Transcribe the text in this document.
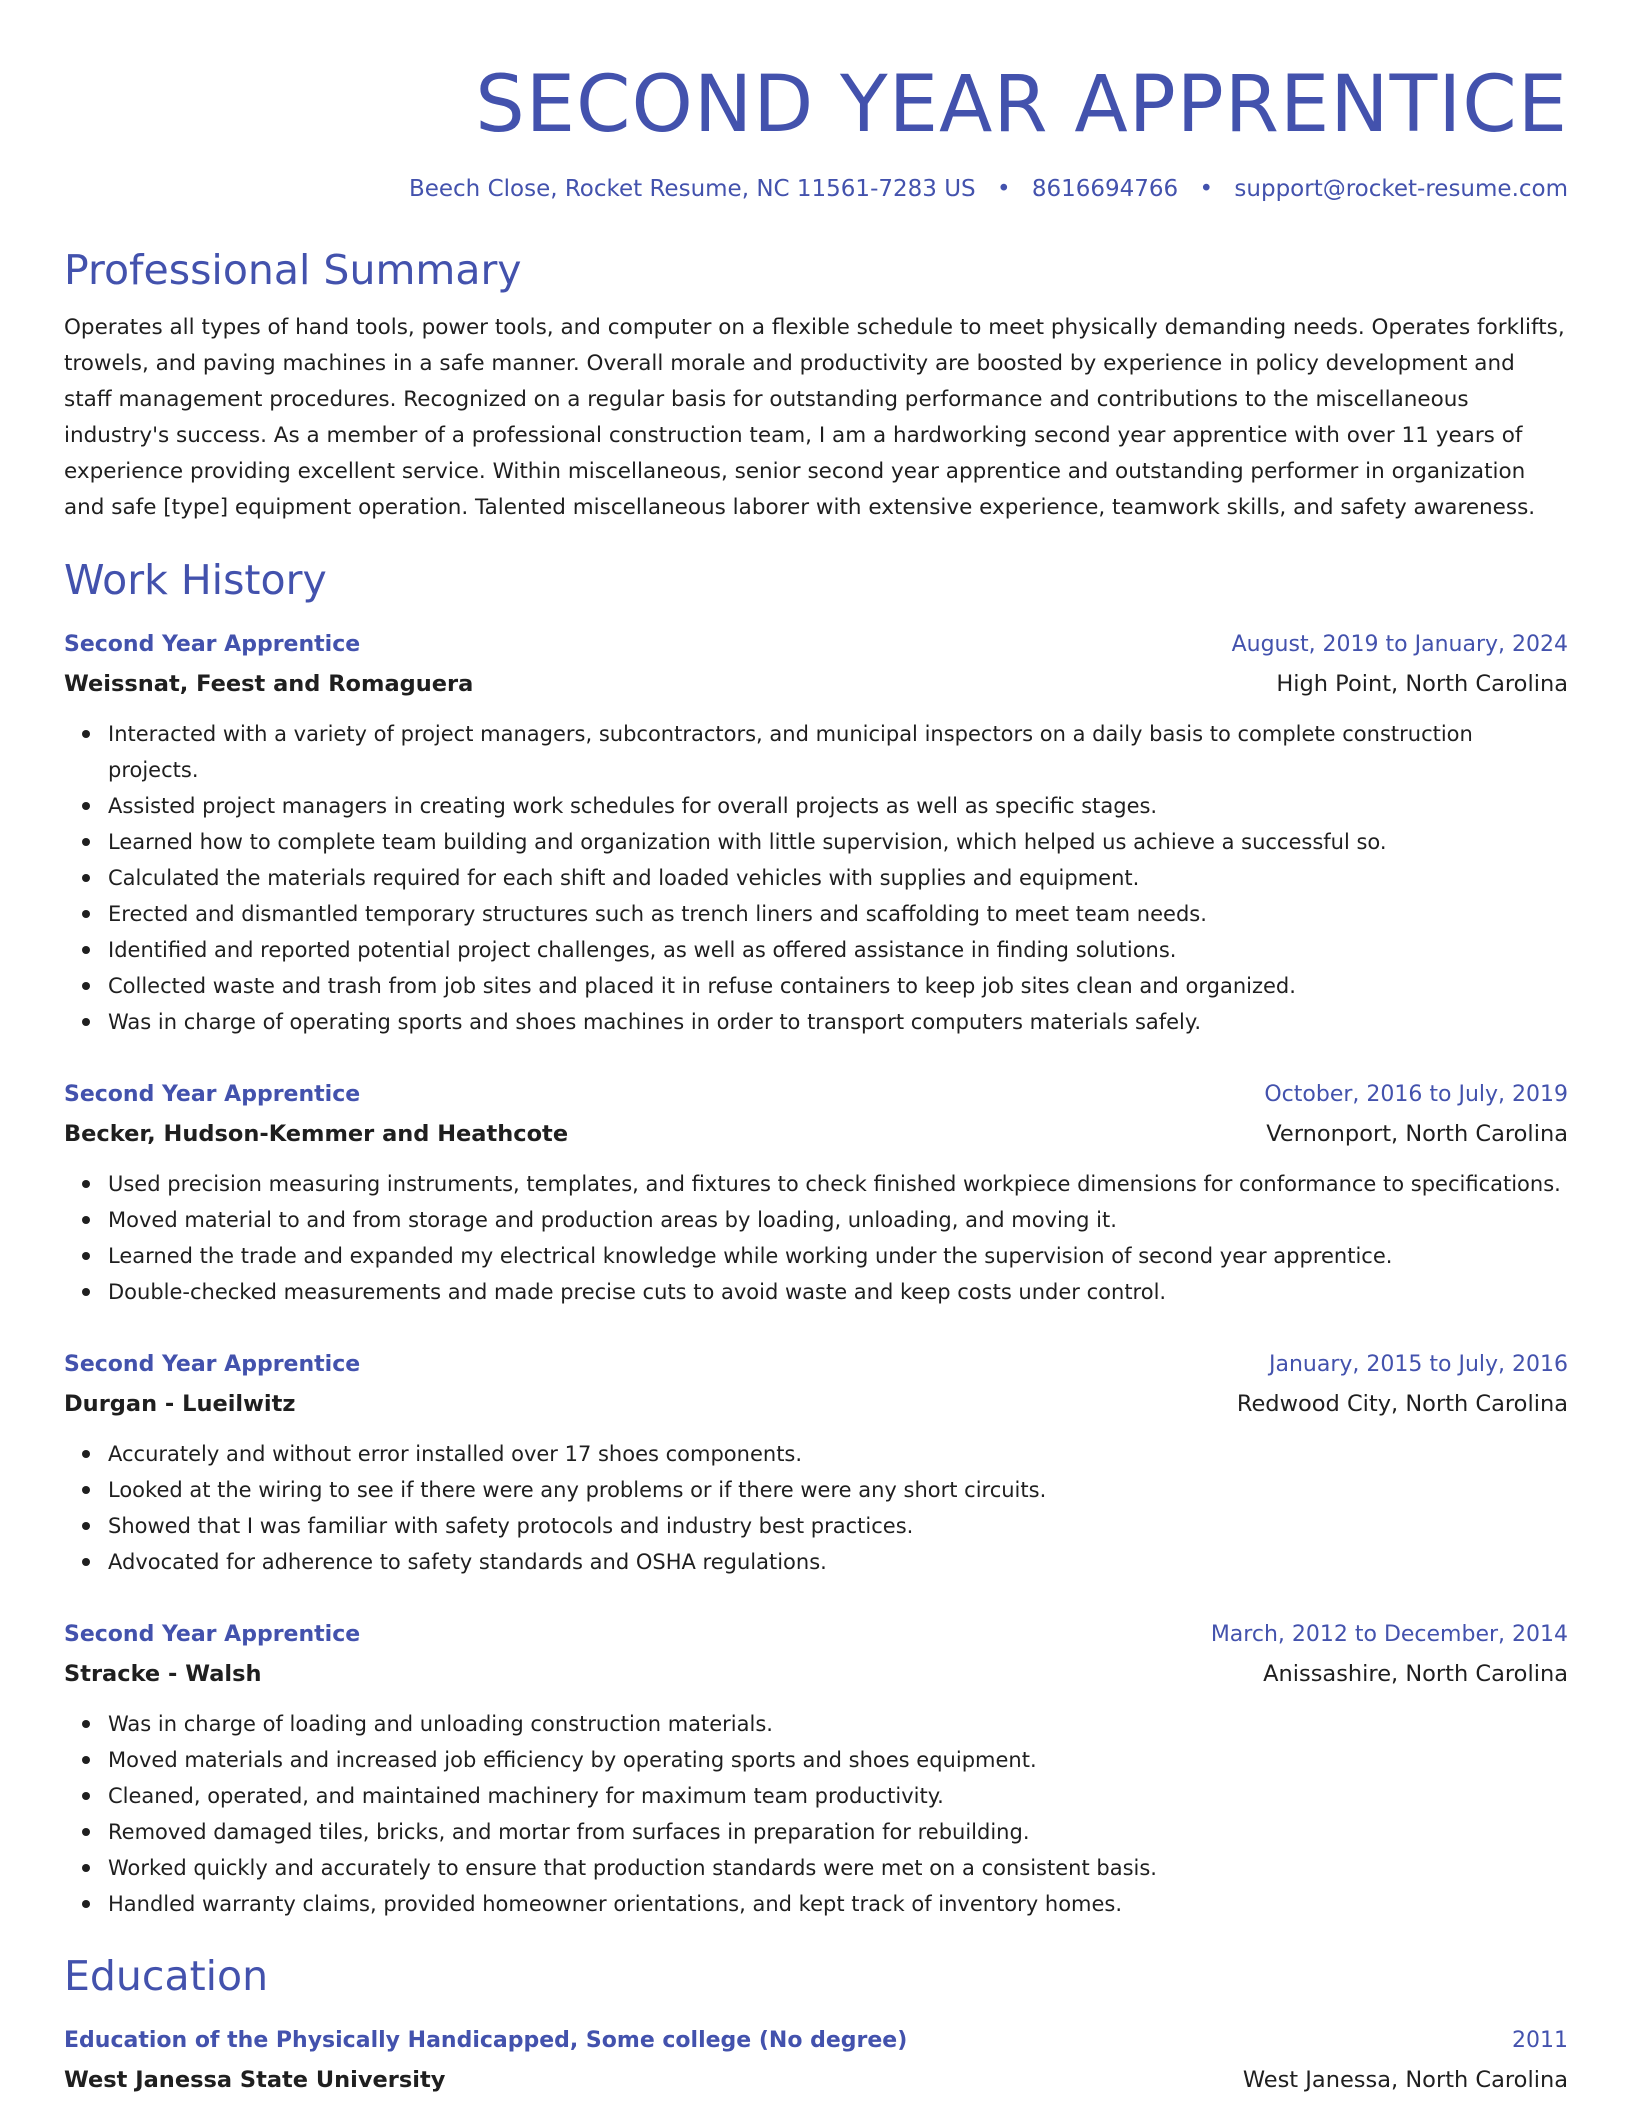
SECOND YEAR APPRENTICE
Beech Close, Rocket Resume, NC 11561-7283 US • 8616694766 • support@rocket-resume.com
Professional Summary

Operates all types of hand tools, power tools, and computer on a flexible schedule to meet physically demanding needs. Operates forklifts, trowels, and paving machines in a safe manner. Overall morale and productivity are boosted by experience in policy development and staff management procedures. Recognized on a regular basis for outstanding performance and contributions to the miscellaneous industry's success. As a member of a professional construction team, I am a hardworking second year apprentice with over 11 years of experience providing excellent service. Within miscellaneous, senior second year apprentice and outstanding performer in organization and safe [type] equipment operation. Talented miscellaneous laborer with extensive experience, teamwork skills, and safety awareness.

Work History
Second Year Apprentice	August, 2019 to January, 2024
Weissnat, Feest and Romaguera	High Point, North Carolina
Interacted with a variety of project managers, subcontractors, and municipal inspectors on a daily basis to complete construction projects.
Assisted project managers in creating work schedules for overall projects as well as specific stages.
Learned how to complete team building and organization with little supervision, which helped us achieve a successful so.
Calculated the materials required for each shift and loaded vehicles with supplies and equipment.
Erected and dismantled temporary structures such as trench liners and scaffolding to meet team needs.
Identified and reported potential project challenges, as well as offered assistance in finding solutions.
Collected waste and trash from job sites and placed it in refuse containers to keep job sites clean and organized.
Was in charge of operating sports and shoes machines in order to transport computers materials safely.
Second Year Apprentice	October, 2016 to July, 2019
Becker, Hudson-Kemmer and Heathcote	Vernonport, North Carolina
Used precision measuring instruments, templates, and fixtures to check finished workpiece dimensions for conformance to specifications.
Moved material to and from storage and production areas by loading, unloading, and moving it.
Learned the trade and expanded my electrical knowledge while working under the supervision of second year apprentice.
Double-checked measurements and made precise cuts to avoid waste and keep costs under control.
Second Year Apprentice	January, 2015 to July, 2016
Durgan - Lueilwitz	Redwood City, North Carolina
Accurately and without error installed over 17 shoes components.
Looked at the wiring to see if there were any problems or if there were any short circuits.
Showed that I was familiar with safety protocols and industry best practices.
Advocated for adherence to safety standards and OSHA regulations.
Second Year Apprentice	March, 2012 to December, 2014
Stracke - Walsh	Anissashire, North Carolina
Was in charge of loading and unloading construction materials.
Moved materials and increased job efficiency by operating sports and shoes equipment.
Cleaned, operated, and maintained machinery for maximum team productivity.
Removed damaged tiles, bricks, and mortar from surfaces in preparation for rebuilding.
Worked quickly and accurately to ensure that production standards were met on a consistent basis.
Handled warranty claims, provided homeowner orientations, and kept track of inventory homes.
Education
Education of the Physically Handicapped, Some college (No degree)	2011
West Janessa State University	West Janessa, North Carolina
